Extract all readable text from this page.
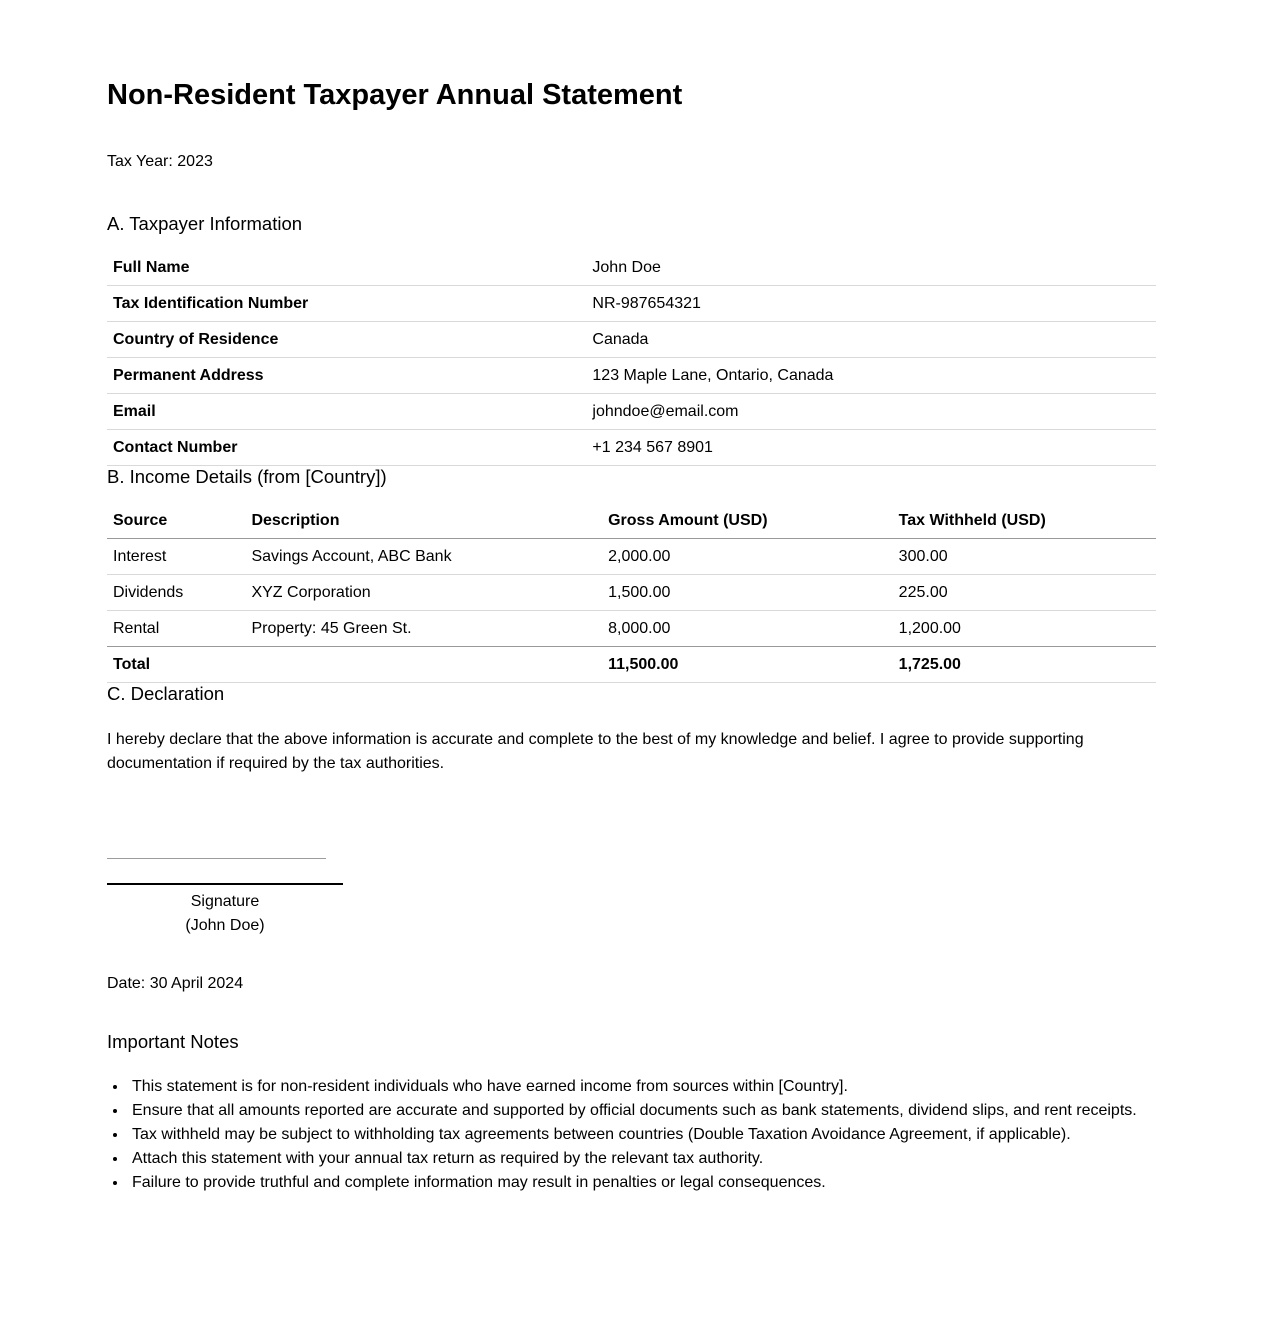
Non-Resident Taxpayer Annual Statement

Tax Year: 2023

A. Taxpayer Information
Full Name	John Doe
Tax Identification Number	NR-987654321
Country of Residence	Canada
Permanent Address	123 Maple Lane, Ontario, Canada
Email	johndoe@email.com
Contact Number	+1 234 567 8901
B. Income Details (from [Country])
Source	Description	Gross Amount (USD)	Tax Withheld (USD)
Interest	Savings Account, ABC Bank	2,000.00	300.00
Dividends	XYZ Corporation	1,500.00	225.00
Rental	Property: 45 Green St.	8,000.00	1,200.00
Total		11,500.00	1,725.00
C. Declaration

I hereby declare that the above information is accurate and complete to the best of my knowledge and belief. I agree to provide supporting documentation if required by the tax authorities.

Signature
(John Doe)

Date: 30 April 2024

Important Notes
• This statement is for non-resident individuals who have earned income from sources within [Country].
• Ensure that all amounts reported are accurate and supported by official documents such as bank statements, dividend slips, and rent receipts.
• Tax withheld may be subject to withholding tax agreements between countries (Double Taxation Avoidance Agreement, if applicable).
• Attach this statement with your annual tax return as required by the relevant tax authority.
• Failure to provide truthful and complete information may result in penalties or legal consequences.
